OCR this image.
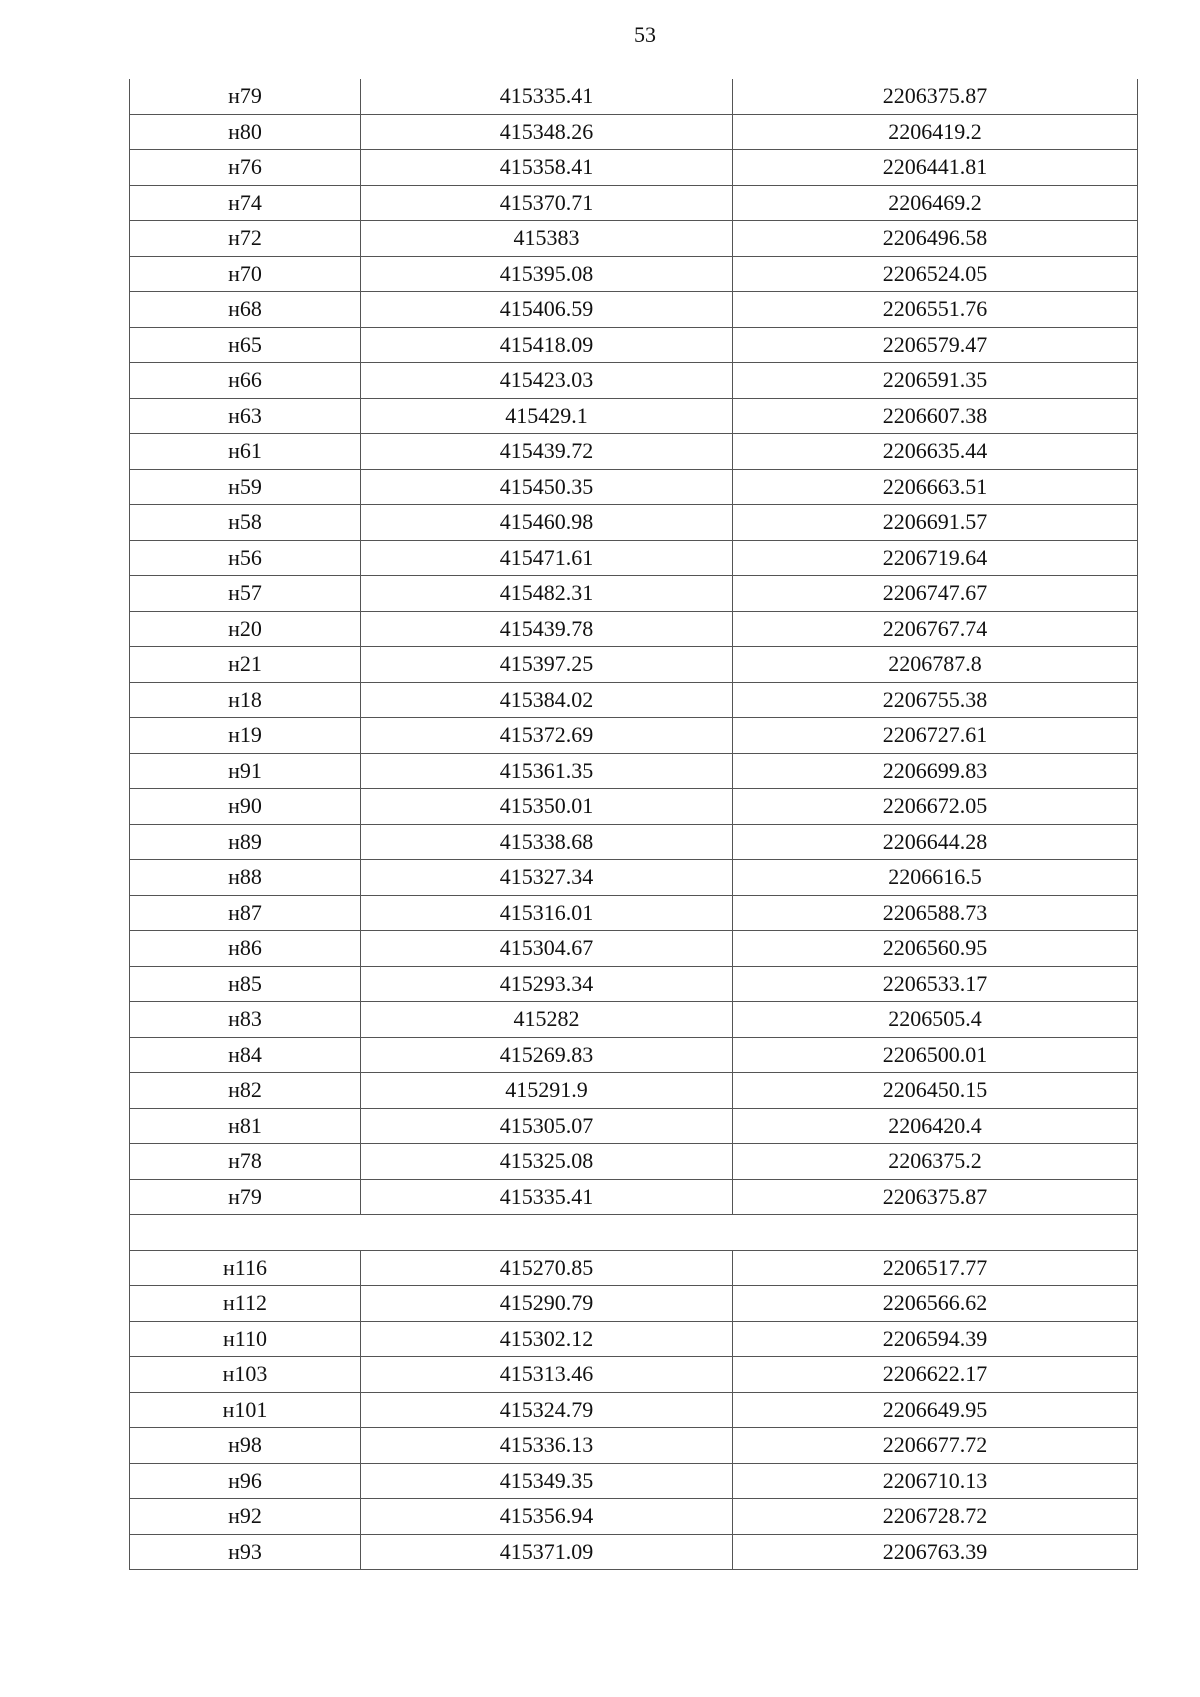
53
н79	415335.41	2206375.87
н80	415348.26	2206419.2
н76	415358.41	2206441.81
н74	415370.71	2206469.2
н72	415383	2206496.58
н70	415395.08	2206524.05
н68	415406.59	2206551.76
н65	415418.09	2206579.47
н66	415423.03	2206591.35
н63	415429.1	2206607.38
н61	415439.72	2206635.44
н59	415450.35	2206663.51
н58	415460.98	2206691.57
н56	415471.61	2206719.64
н57	415482.31	2206747.67
н20	415439.78	2206767.74
н21	415397.25	2206787.8
н18	415384.02	2206755.38
н19	415372.69	2206727.61
н91	415361.35	2206699.83
н90	415350.01	2206672.05
н89	415338.68	2206644.28
н88	415327.34	2206616.5
н87	415316.01	2206588.73
н86	415304.67	2206560.95
н85	415293.34	2206533.17
н83	415282	2206505.4
н84	415269.83	2206500.01
н82	415291.9	2206450.15
н81	415305.07	2206420.4
н78	415325.08	2206375.2
н79	415335.41	2206375.87

н116	415270.85	2206517.77
н112	415290.79	2206566.62
н110	415302.12	2206594.39
н103	415313.46	2206622.17
н101	415324.79	2206649.95
н98	415336.13	2206677.72
н96	415349.35	2206710.13
н92	415356.94	2206728.72
н93	415371.09	2206763.39
